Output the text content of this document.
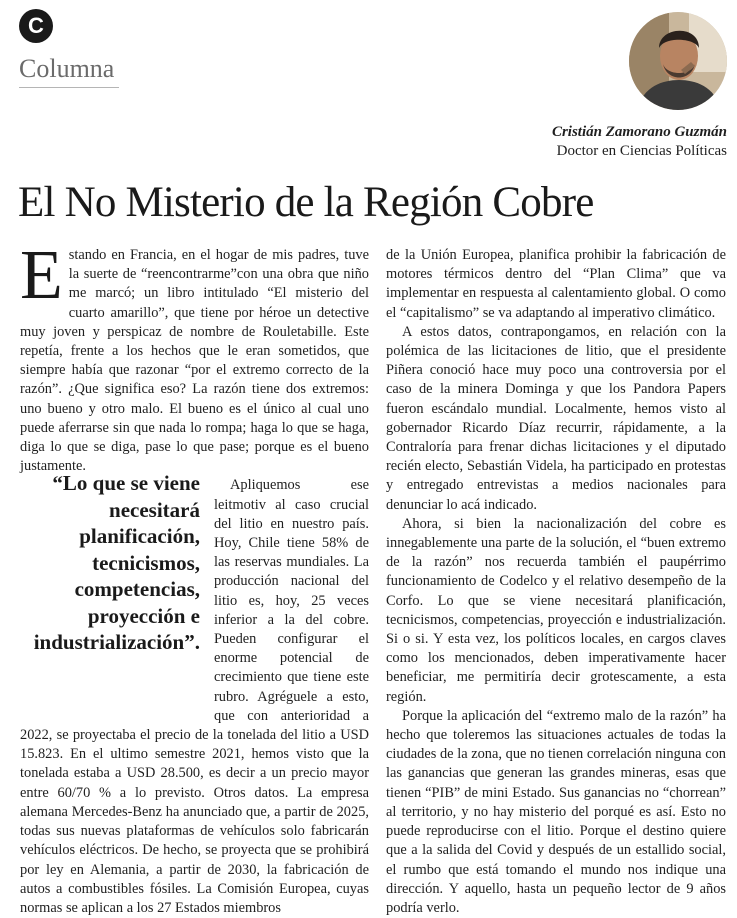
C
Columna
Cristián Zamorano Guzmán
Doctor en Ciencias Políticas
El No Misterio de la Región Cobre

Estando en Francia, en el hogar de mis padres, tuve la suerte de “reencontrarme”con una obra que niño me marcó; un libro intitulado “El misterio del cuarto amarillo”, que tiene por héroe un detective muy joven y perspicaz de nombre de Rouletabille. Este repetía, frente a los hechos que le eran sometidos, que siempre había que razonar “por el extremo correcto de la razón”. ¿Que significa eso? La razón tiene dos extremos: uno bueno y otro malo. El bueno es el único al cual uno puede aferrarse sin que nada lo rompa; haga lo que se haga, diga lo que se diga, pase lo que pase; porque es el bueno justamente.

Apliquemos ese leitmotiv al caso crucial del litio en nuestro país. Hoy, Chile tiene 58% de las reservas mundiales. La producción nacional del litio es, hoy, 25 veces inferior a la del cobre. Pueden configurar el enorme potencial de crecimiento que tiene este rubro. Agréguele a esto, que con anterioridad a 2022, se proyectaba el precio de la tonelada del litio a USD 15.823. En el ultimo semestre 2021, hemos visto que la tonelada estaba a USD 28.500, es decir a un precio mayor entre 60/70 % a lo previsto. Otros datos. La empresa alemana Mercedes-Benz ha anunciado que, a partir de 2025, todas sus nuevas plataformas de vehículos solo fabricarán vehículos eléctricos. De hecho, se proyecta que se prohibirá por ley en Alemania, a partir de 2030, la fabricación de autos a combustibles fósiles. La Comisión Europea, cuyas normas se aplican a los 27 Estados miembros

“Lo que se viene
necesitará
planificación,
tecnicismos,
competencias,
proyección e
industrialización”.

de la Unión Europea, planifica prohibir la fabricación de motores térmicos dentro del “Plan Clima” que va implementar en respuesta al calentamiento global. O como el “capitalismo” se va adaptando al imperativo climático.

A estos datos, contrapongamos, en relación con la polémica de las licitaciones de litio, que el presidente Piñera conoció hace muy poco una controversia por el caso de la minera Dominga y que los Pandora Papers fueron escándalo mundial. Localmente, hemos visto al gobernador Ricardo Díaz recurrir, rápidamente, a la Contraloría para frenar dichas licitaciones y el diputado recién electo, Sebastián Videla, ha participado en protestas y entregado entrevistas a medios nacionales para denunciar lo acá indicado.

Ahora, si bien la nacionalización del cobre es innegablemente una parte de la solución, el “buen extremo de la razón” nos recuerda también el paupérrimo funcionamiento de Codelco y el relativo desempeño de la Corfo. Lo que se viene necesitará planificación, tecnicismos, competencias, proyección e industrialización. Si o si. Y esta vez, los políticos locales, en cargos claves como los mencionados, deben imperativamente hacer beneficiar, me permitiría decir grotescamente, a esta región.

Porque la aplicación del “extremo malo de la razón” ha hecho que toleremos las situaciones actuales de todas la ciudades de la zona, que no tienen correlación ninguna con las ganancias que generan las grandes mineras, esas que tienen “PIB” de mini Estado. Sus ganancias no “chorrean” al territorio, y no hay misterio del porqué es así. Esto no puede reproducirse con el litio. Porque el destino quiere que a la salida del Covid y después de un estallido social, el rumbo que está tomando el mundo nos indique una dirección. Y aquello, hasta un pequeño lector de 9 años podría verlo.
